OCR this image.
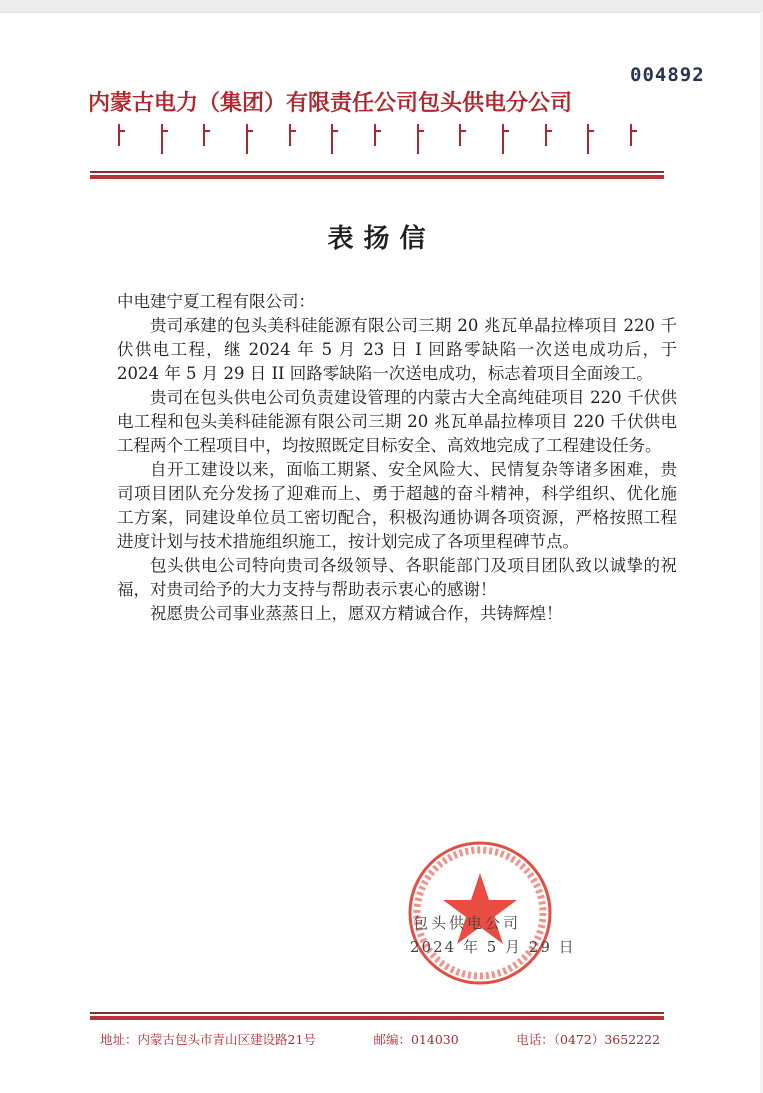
004892
内蒙古电力（集团）有限责任公司包头供电分公司
表扬信

中电建宁夏工程有限公司：

贵司承建的包头美科硅能源有限公司三期 20 兆瓦单晶拉棒项目 220 千伏供电工程，继 2024 年 5 月 23 日 I 回路零缺陷一次送电成功后，于 2024 年 5 月 29 日 II 回路零缺陷一次送电成功，标志着项目全面竣工。

贵司在包头供电公司负责建设管理的内蒙古大全高纯硅项目 220 千伏供电工程和包头美科硅能源有限公司三期 20 兆瓦单晶拉棒项目 220 千伏供电工程两个工程项目中，均按照既定目标安全、高效地完成了工程建设任务。

自开工建设以来，面临工期紧、安全风险大、民情复杂等诸多困难，贵司项目团队充分发扬了迎难而上、勇于超越的奋斗精神，科学组织、优化施工方案，同建设单位员工密切配合，积极沟通协调各项资源，严格按照工程进度计划与技术措施组织施工，按计划完成了各项里程碑节点。

包头供电公司特向贵司各级领导、各职能部门及项目团队致以诚挚的祝福，对贵司给予的大力支持与帮助表示衷心的感谢！

祝愿贵公司事业蒸蒸日上，愿双方精诚合作，共铸辉煌！

包头供电公司
2024 年 5 月 29 日
地址：内蒙古包头市青山区建设路21号	邮编：014030	电话：（0472）3652222
